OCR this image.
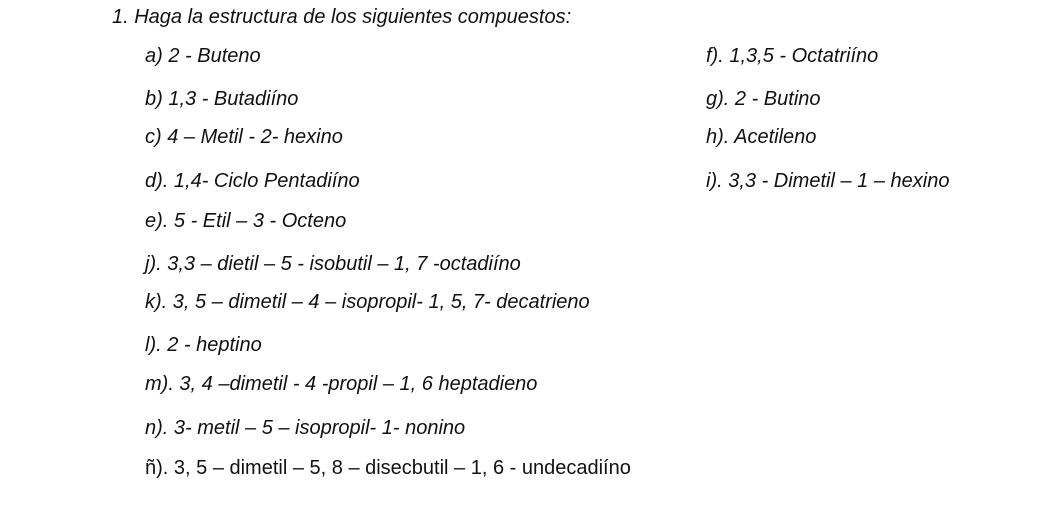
1. Haga la estructura de los siguientes compuestos:
a) 2 - Buteno
b) 1,3 - Butadiíno
c) 4 – Metil - 2- hexino
d). 1,4- Ciclo Pentadiíno
e). 5 - Etil – 3 - Octeno
j). 3,3 – dietil – 5 - isobutil – 1, 7 -octadiíno
k). 3, 5 – dimetil – 4 – isopropil- 1, 5, 7- decatrieno
l). 2 - heptino
m). 3, 4 –dimetil - 4 -propil – 1, 6 heptadieno
n). 3- metil – 5 – isopropil- 1- nonino
ñ). 3, 5 – dimetil – 5, 8 – disecbutil – 1, 6 - undecadiíno
f). 1,3,5 - Octatriíno
g). 2 - Butino
h). Acetileno
i). 3,3 - Dimetil – 1 – hexino
